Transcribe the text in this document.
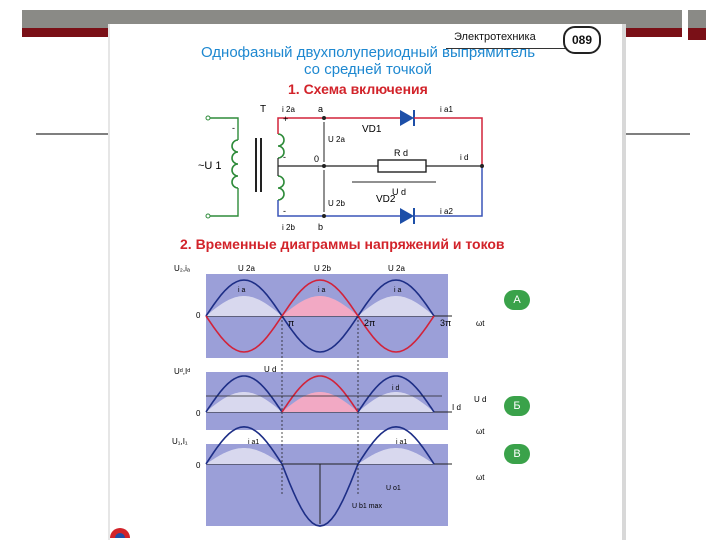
Электротехника	089
Однофазный двухполупериодный выпрямитель
со средней точкой
1. Схема включения
~U 1
T i 2a
i 2b
+
-
-
-
a
0
b
U 2a
U 2b
VD1
VD2
i a1
i a2
R d
U d
i d
2. Временные диаграммы напряжений и токов
U₂,iₐ	U 2a	U 2b	U 2a
i a	i a	i a
0
π	2π	3π	ωt
Uᵈ,Iᵈ	U d
i d
0
I d
U d
ωt
U₁,I₁	i a1	i a1
0
U o1
U b1 max
ωt
А
Б
В
